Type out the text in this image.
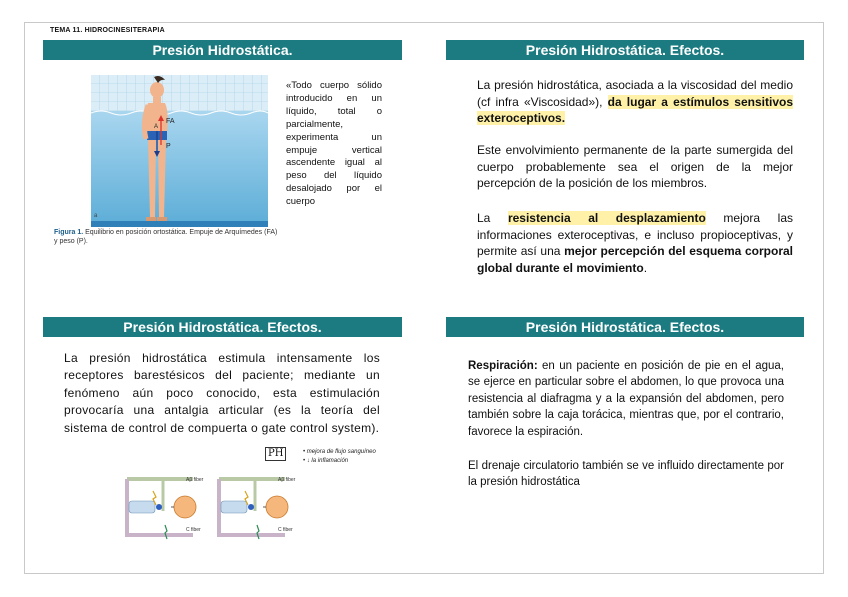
TEMA 11. HIDROCINESITERAPIA
Presión Hidrostática.
FA
P
A
a
«Todo cuerpo sólido introducido en un líquido, total o parcialmente, experimenta un empuje vertical ascendente igual al peso del líquido desalojado por el cuerpo
Figura 1. Equilibrio en posición ortostática. Empuje de Arquímedes (FA) y peso (P).
Presión Hidrostática. Efectos.
La presión hidrostática, asociada a la viscosidad del medio (cf infra «Viscosidad»), da lugar a estímulos sensitivos exteroceptivos.
Este envolvimiento permanente de la parte sumergida del cuerpo probablemente sea el origen de la mejor percepción de la posición de los miembros.
La resistencia al desplazamiento mejora las informaciones exteroceptivas, e incluso propioceptivas, y permite así una mejor percepción del esquema corporal global durante el movimiento.
Presión Hidrostática. Efectos.
La presión hidrostática estimula intensamente los receptores barestésicos del paciente; mediante un fenómeno aún poco conocido, esta estimulación provocaría una antalgia articular (es la teoría del sistema de control de compuerta o gate control system).
PH	• mejora de flujo sanguíneo
• ↓ la inflamación
Aβ fiber
C fiber
Aβ fiber
C fiber
Presión Hidrostática. Efectos.
Respiración: en un paciente en posición de pie en el agua, se ejerce en particular sobre el abdomen, lo que provoca una resistencia al diafragma y a la expansión del abdomen, pero también sobre la caja torácica, mientras que, por el contrario, favorece la espiración.
El drenaje circulatorio también se ve influido directamente por la presión hidrostática
